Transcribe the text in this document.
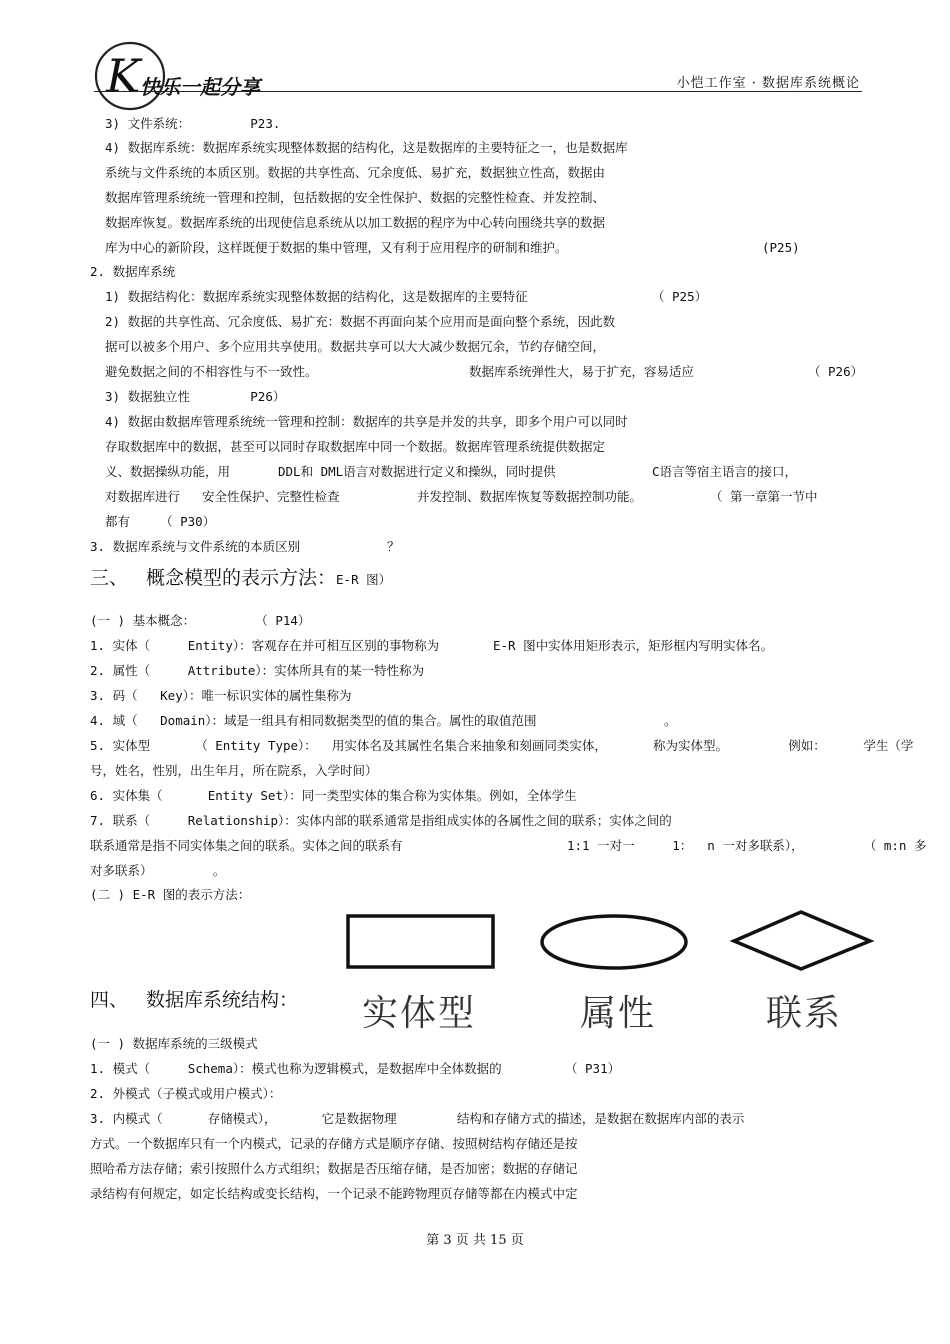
K 快乐一起分享	小恺工作室 · 数据库系统概论
3) 文件系统：        P23.
4) 数据库系统：数据库系统实现整体数据的结构化，这是数据库的主要特征之一，也是数据库
系统与文件系统的本质区别。数据的共享性高、冗余度低、易扩充，数据独立性高，数据由
数据库管理系统统一管理和控制，包括数据的安全性保护、数据的完整性检查、并发控制、
数据库恢复。数据库系统的出现使信息系统从以加工数据的程序为中心转向围绕共享的数据
库为中心的新阶段，这样既便于数据的集中管理，又有利于应用程序的研制和维护。	(P25)
2. 数据库系统
1) 数据结构化：数据库系统实现整体数据的结构化，这是数据库的主要特征	（ P25）
2) 数据的共享性高、冗余度低、易扩充：数据不再面向某个应用而是面向整个系统，因此数
据可以被多个用户、多个应用共享使用。数据共享可以大大减少数据冗余，节约存储空间，
避免数据之间的不相容性与不一致性。	数据库系统弹性大，易于扩充，容易适应	（ P26）
3) 数据独立性        P26）
4) 数据由数据库管理系统统一管理和控制：数据库的共享是并发的共享，即多个用户可以同时
存取数据库中的数据，甚至可以同时存取数据库中同一个数据。数据库管理系统提供数据定
义、数据操纵功能，用	DDL和 DML语言对数据进行定义和操纵，同时提供	C语言等宿主语言的接口，
对数据库进行 安全性保护、完整性检查	并发控制、数据库恢复等数据控制功能。	（ 第一章第一节中
都有    （ P30）
3. 数据库系统与文件系统的本质区别	？
三、 概念模型的表示方法：E-R 图）
(一 ) 基本概念：        （ P14）
1. 实体（     Entity）：客观存在并可相互区别的事物称为	E-R 图中实体用矩形表示，矩形框内写明实体名。
2. 属性（     Attribute）：实体所具有的某一特性称为
3. 码（   Key）：唯一标识实体的属性集称为
4. 域（   Domain）：域是一组具有相同数据类型的值的集合。属性的取值范围	。
5. 实体型      （ Entity Type）：  用实体名及其属性名集合来抽象和刻画同类实体，	称为实体型。        例如：     学生（学
号，姓名，性别，出生年月，所在院系，入学时间）
6. 实体集（      Entity Set）：同一类型实体的集合称为实体集。例如，全体学生
7. 联系（     Relationship）：实体内部的联系通常是指组成实体的各属性之间的联系；实体之间的
联系通常是指不同实体集之间的联系。实体之间的联系有	1:1 一对一     1：  n 一对多联系），        （ m:n 多
对多联系）        。
(二 ) E-R 图的表示方法：
实体型	属性	联系
四、 数据库系统结构：
(一 ) 数据库系统的三级模式
1. 模式（     Schema）：模式也称为逻辑模式，是数据库中全体数据的	（ P31）
2. 外模式（子模式或用户模式）：
3. 内模式（      存储模式），      它是数据物理        结构和存储方式的描述，是数据在数据库内部的表示
方式。一个数据库只有一个内模式，记录的存储方式是顺序存储、按照树结构存储还是按
照哈希方法存储；索引按照什么方式组织；数据是否压缩存储，是否加密；数据的存储记
录结构有何规定，如定长结构或变长结构，一个记录不能跨物理页存储等都在内模式中定
第 3 页 共 15 页
